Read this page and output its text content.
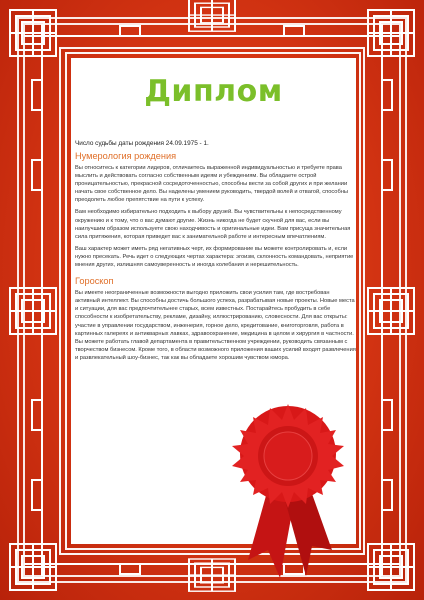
Диплом

Число судьбы даты рождения 24.09.1975 - 1.

Нумерология рождения

Вы относитесь к категории лидеров, отличаетесь выраженной индивидуальностью и требуете права мыслить и действовать согласно собственным идеям и убеждениям. Вы обладаете острой проницательностью, прекрасной сосредоточенностью, способны вести за собой других и при желании начать свое собственное дело. Вы наделены умением руководить, твердой волей и отвагой, способны преодолеть любое препятствие на пути к успеху.

Вам необходимо избирательно подходить к выбору друзей. Вы чувствительны к непосредственному окружению и к тому, что о вас думают другие. Жизнь никогда не будет скучной для вас, если вы наилучшим образом используете свою находчивость и оригинальные идеи. Вам присуща значительная сила притяжения, которая приведет вас к занимательной работе и интересным впечатлениям.

Ваш характер может иметь ряд негативных черт, их формирование вы можете контролировать и, если нужно пресекать. Речь идет о следующих чертах характера: эгоизм, склонность командовать, неприятие мнения других, излишняя самоуверенность и иногда колебания и нерешительность.

Гороскоп

Вы имеете неограниченные возможности выгодно приложить свои усилия там, где востребован активный интеллект. Вы способны достичь большого успеха, разрабатывая новые проекты. Новые места и ситуации, для вас предпочтительнее старых, всем известных. Постарайтесь пробудить в себе способности к изобретательству, рекламе, дизайну, иллюстрированию, словесности. Для вас открыты: участие в управлении государством, инженерия, горное дело, кредитование, книготорговля, работа в картинных галереях и антикварных лавках, здравоохранение, медицина в целом и хирургия в частности. Вы можете работать главой департамента в правительственном учреждении, руководить связанным с творчеством бизнесом. Кроме того, в области возможного приложения ваших усилий входят развлечения и развлекательный шоу-бизнес, так как вы обладаете хорошим чувством юмора.
